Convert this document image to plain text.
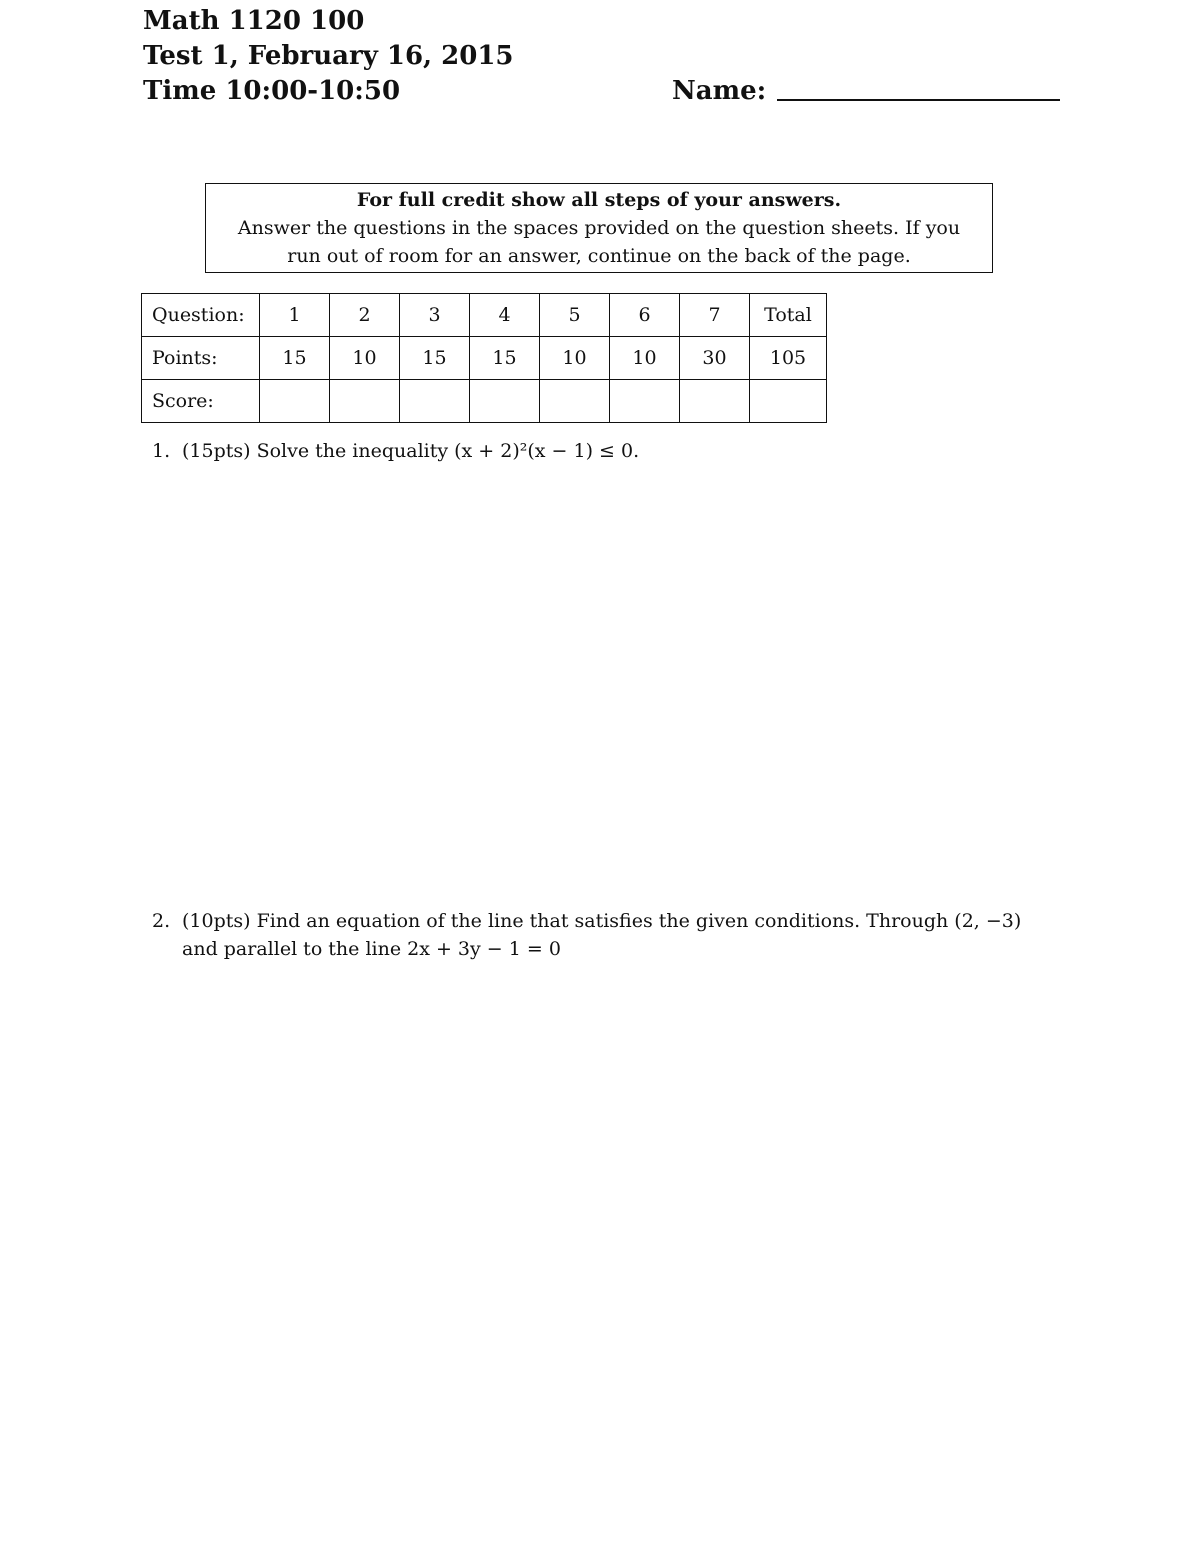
Math 1120 100
Test 1, February 16, 2015
Time 10:00-10:50	Name:
For full credit show all steps of your answers.
Answer the questions in the spaces provided on the question sheets. If you
run out of room for an answer, continue on the back of the page.
Question:	1	2	3	4	5	6	7	Total
Points:	15	10	15	15	10	10	30	105
Score:								
1. (15pts) Solve the inequality (x + 2)²(x − 1) ≤ 0.
2. (10pts) Find an equation of the line that satisfies the given conditions. Through (2, −3)
and parallel to the line 2x + 3y − 1 = 0
